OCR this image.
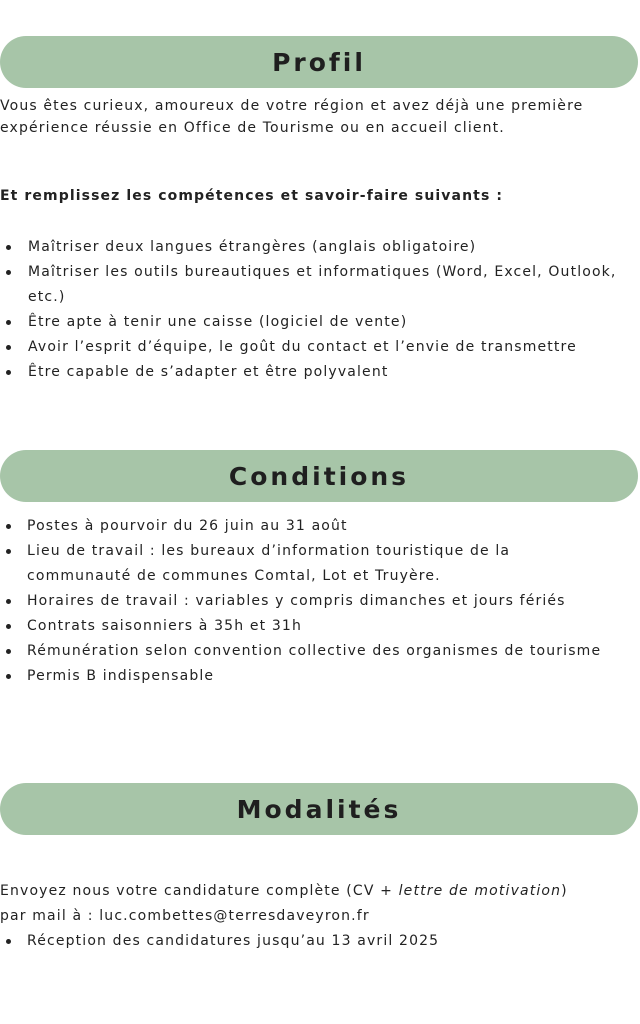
Profil

Vous êtes curieux, amoureux de votre région et avez déjà une première expérience réussie en Office de Tourisme ou en accueil client.

Et remplissez les compétences et savoir-faire suivants :

Maîtriser deux langues étrangères (anglais obligatoire)
Maîtriser les outils bureautiques et informatiques (Word, Excel, Outlook, etc.)
Être apte à tenir une caisse (logiciel de vente)
Avoir l’esprit d’équipe, le goût du contact et l’envie de transmettre
Être capable de s’adapter et être polyvalent
Conditions
Postes à pourvoir du 26 juin au 31 août
Lieu de travail : les bureaux d’information touristique de la communauté de communes Comtal, Lot et Truyère.
Horaires de travail : variables y compris dimanches et jours fériés
Contrats saisonniers à 35h et 31h
Rémunération selon convention collective des organismes de tourisme
Permis B indispensable
Modalités

Envoyez nous votre candidature complète (CV + lettre de motivation) par mail à : luc.combettes@terresdaveyron.fr

Réception des candidatures jusqu’au 13 avril 2025
